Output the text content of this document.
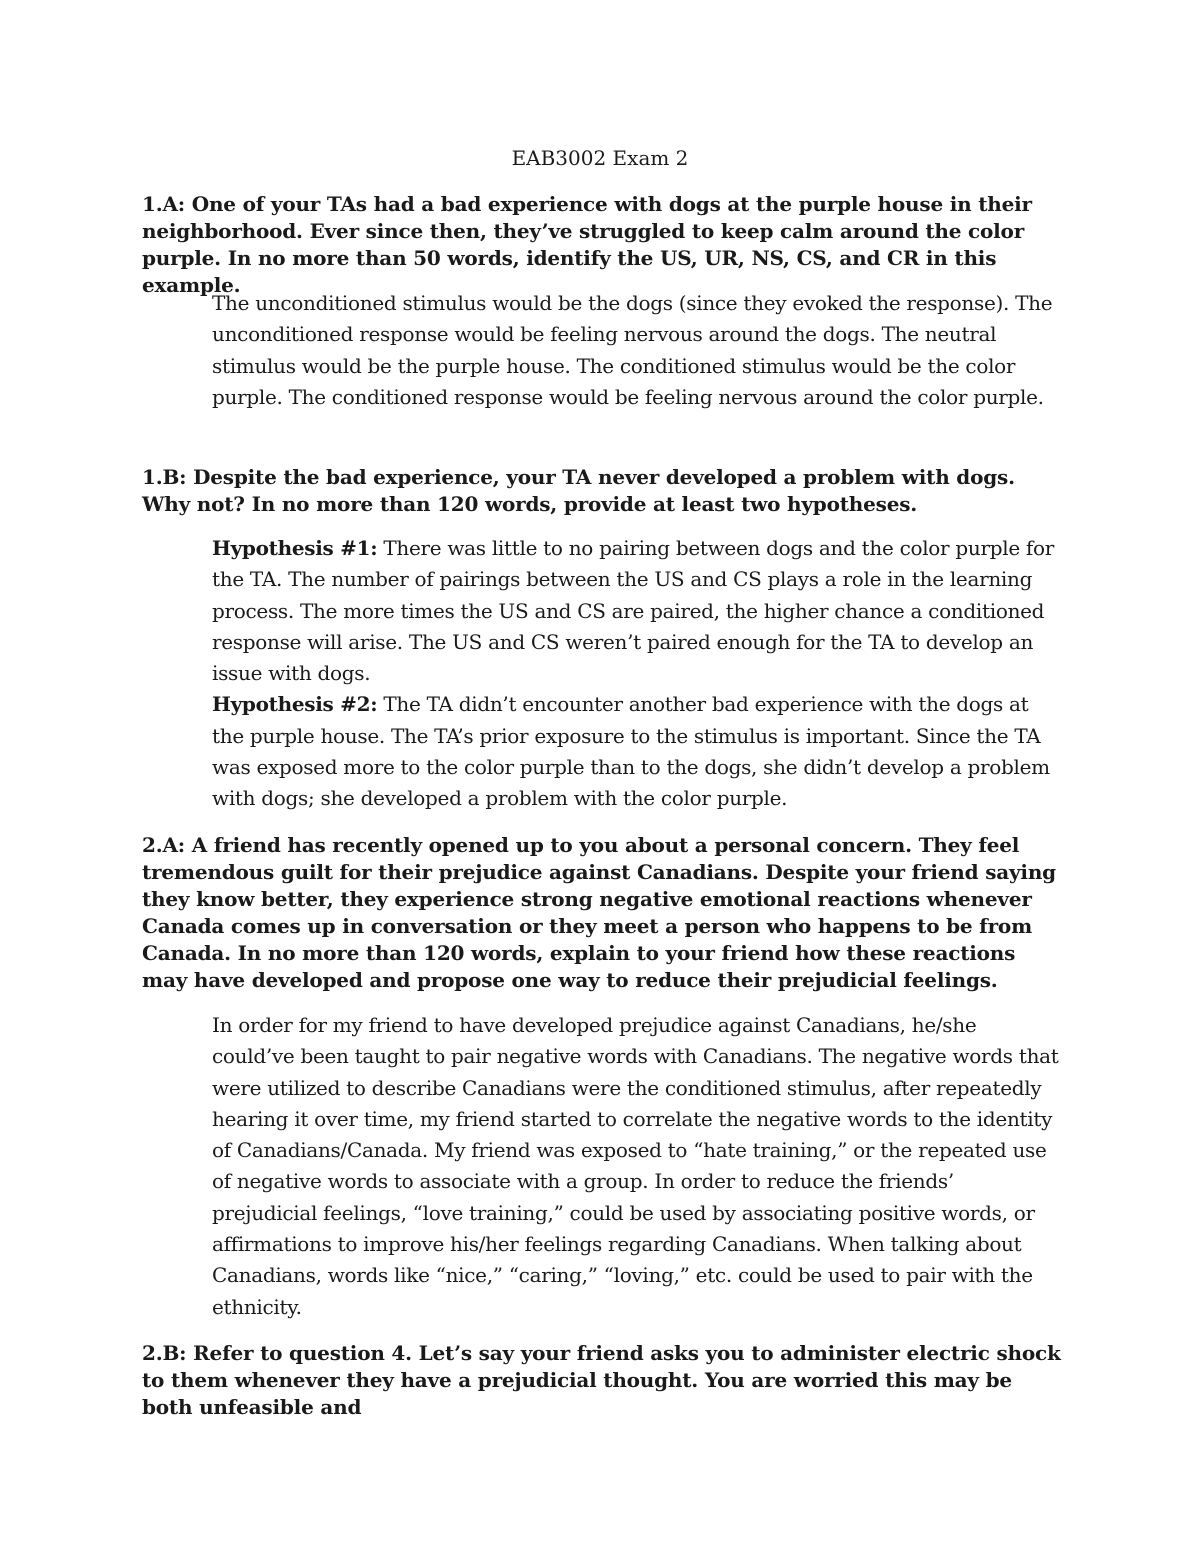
EAB3002 Exam 2
1.A: One of your TAs had a bad experience with dogs at the purple house in their neighborhood. Ever since then, they’ve struggled to keep calm around the color purple. In no more than 50 words, identify the US, UR, NS, CS, and CR in this example.

The unconditioned stimulus would be the dogs (since they evoked the response). The unconditioned response would be feeling nervous around the dogs. The neutral stimulus would be the purple house. The conditioned stimulus would be the color purple. The conditioned response would be feeling nervous around the color purple.

1.B: Despite the bad experience, your TA never developed a problem with dogs. Why not? In no more than 120 words, provide at least two hypotheses.

Hypothesis #1: There was little to no pairing between dogs and the color purple for the TA. The number of pairings between the US and CS plays a role in the learning process. The more times the US and CS are paired, the higher chance a conditioned response will arise. The US and CS weren’t paired enough for the TA to develop an issue with dogs.

Hypothesis #2: The TA didn’t encounter another bad experience with the dogs at the purple house. The TA’s prior exposure to the stimulus is important. Since the TA was exposed more to the color purple than to the dogs, she didn’t develop a problem with dogs; she developed a problem with the color purple.

2.A: A friend has recently opened up to you about a personal concern. They feel tremendous guilt for their prejudice against Canadians. Despite your friend saying they know better, they experience strong negative emotional reactions whenever Canada comes up in conversation or they meet a person who happens to be from Canada. In no more than 120 words, explain to your friend how these reactions may have developed and propose one way to reduce their prejudicial feelings.

In order for my friend to have developed prejudice against Canadians, he/she could’ve been taught to pair negative words with Canadians. The negative words that were utilized to describe Canadians were the conditioned stimulus, after repeatedly hearing it over time, my friend started to correlate the negative words to the identity of Canadians/Canada. My friend was exposed to “hate training,” or the repeated use of negative words to associate with a group. In order to reduce the friends’ prejudicial feelings, “love training,” could be used by associating positive words, or affirmations to improve his/her feelings regarding Canadians. When talking about Canadians, words like “nice,” “caring,” “loving,” etc. could be used to pair with the ethnicity.

2.B: Refer to question 4. Let’s say your friend asks you to administer electric shock to them whenever they have a prejudicial thought. You are worried this may be both unfeasible and
